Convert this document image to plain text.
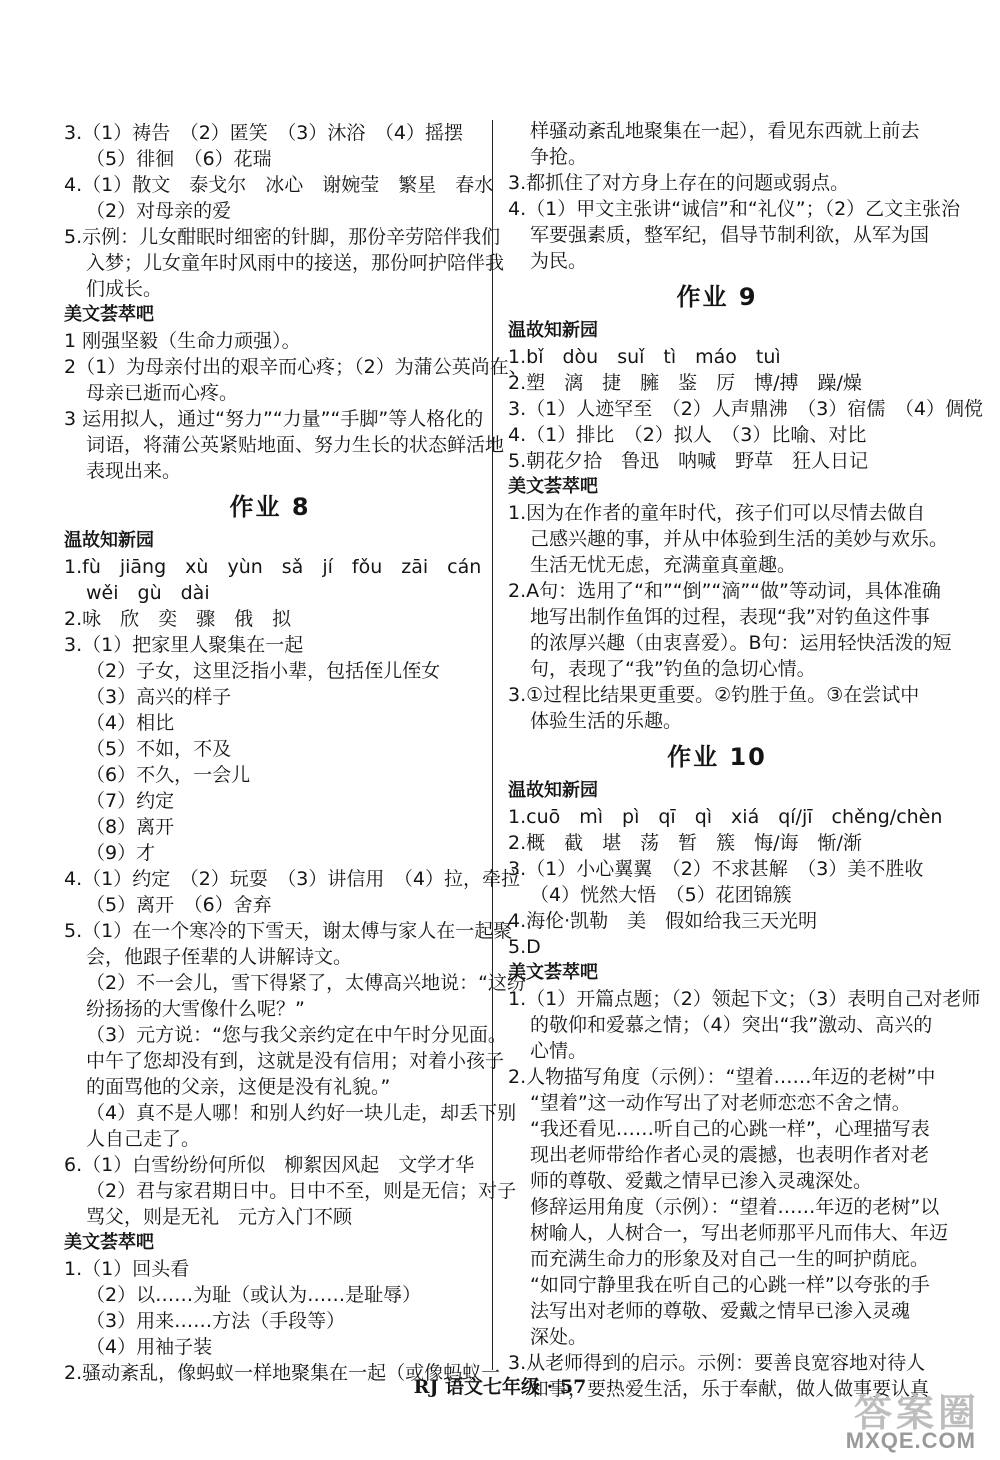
3.（1）祷告　（2）匿笑　（3）沐浴　（4）摇摆
（5）徘徊　（6）花瑞
4.（1）散文　泰戈尔　冰心　谢婉莹　繁星　春水
（2）对母亲的爱
5.示例：儿女酣眠时细密的针脚，那份辛劳陪伴我们
入梦；儿女童年时风雨中的接送，那份呵护陪伴我
们成长。
美文荟萃吧
1 刚强坚毅（生命力顽强）。
2（1）为母亲付出的艰辛而心疼；（2）为蒲公英尚在、
母亲已逝而心疼。
3 运用拟人，通过“努力”“力量”“手脚”等人格化的
词语，将蒲公英紧贴地面、努力生长的状态鲜活地
表现出来。
作业 8
温故知新园
1.fù　jiāng　xù　yùn　sǎ　jí　fǒu　zāi　cán
wěi　gù　dài
2.咏　欣　奕　骤　俄　拟
3.（1）把家里人聚集在一起
（2）子女，这里泛指小辈，包括侄儿侄女
（3）高兴的样子
（4）相比
（5）不如，不及
（6）不久，一会儿
（7）约定
（8）离开
（9）才
4.（1）约定　（2）玩耍　（3）讲信用　（4）拉，牵拉
（5）离开　（6）舍弃
5.（1）在一个寒冷的下雪天，谢太傅与家人在一起聚
会，他跟子侄辈的人讲解诗文。
（2）不一会儿，雪下得紧了，太傅高兴地说：“这纷
纷扬扬的大雪像什么呢？”
（3）元方说：“您与我父亲约定在中午时分见面。
中午了您却没有到，这就是没有信用；对着小孩子
的面骂他的父亲，这便是没有礼貌。”
（4）真不是人哪！和别人约好一块儿走，却丢下别
人自己走了。
6.（1）白雪纷纷何所似　柳絮因风起　文学才华
（2）君与家君期日中。日中不至，则是无信；对子
骂父，则是无礼　元方入门不顾
美文荟萃吧
1.（1）回头看
（2）以……为耻（或认为……是耻辱）
（3）用来……方法（手段等）
（4）用袖子装
2.骚动紊乱，像蚂蚁一样地聚集在一起（或像蚂蚁一
样骚动紊乱地聚集在一起），看见东西就上前去
争抢。
3.都抓住了对方身上存在的问题或弱点。
4.（1）甲文主张讲“诚信”和“礼仪”；（2）乙文主张治
军要强素质，整军纪，倡导节制利欲，从军为国
为民。
作业 9
温故知新园
1.bǐ　dòu　suǐ　tì　máo　tuì
2.塑　漓　捷　臃　鉴　厉　博/搏　躁/燥
3.（1）人迹罕至　（2）人声鼎沸　（3）宿儒　（4）倜傥
4.（1）排比　（2）拟人　（3）比喻、对比
5.朝花夕拾　鲁迅　呐喊　野草　狂人日记
美文荟萃吧
1.因为在作者的童年时代，孩子们可以尽情去做自
己感兴趣的事，并从中体验到生活的美妙与欢乐。
生活无忧无虑，充满童真童趣。
2.A句：选用了“和”“倒”“滴”“做”等动词，具体准确
地写出制作鱼饵的过程，表现“我”对钓鱼这件事
的浓厚兴趣（由衷喜爱）。B句：运用轻快活泼的短
句，表现了“我”钓鱼的急切心情。
3.①过程比结果更重要。②钓胜于鱼。③在尝试中
体验生活的乐趣。
作业 10
温故知新园
1.cuō　mì　pì　qī　qì　xiá　qí/jī　chěng/chèn
2.概　截　堪　荡　暂　簇　悔/诲　惭/渐
3.（1）小心翼翼　（2）不求甚解　（3）美不胜收
（4）恍然大悟　（5）花团锦簇
4.海伦·凯勒　美　假如给我三天光明
5.D
美文荟萃吧
1.（1）开篇点题；（2）领起下文；（3）表明自己对老师
的敬仰和爱慕之情；（4）突出“我”激动、高兴的
心情。
2.人物描写角度（示例）：“望着……年迈的老树”中
“望着”这一动作写出了对老师恋恋不舍之情。
“我还看见……听自己的心跳一样”，心理描写表
现出老师带给作者心灵的震撼，也表明作者对老
师的尊敬、爱戴之情早已渗入灵魂深处。
修辞运用角度（示例）：“望着……年迈的老树”以
树喻人，人树合一，写出老师那平凡而伟大、年迈
而充满生命力的形象及对自己一生的呵护荫庇。
“如同宁静里我在听自己的心跳一样”以夸张的手
法写出对老师的尊敬、爱戴之情早已渗入灵魂
深处。
3.从老师得到的启示。示例：要善良宽容地对待人
和事，要热爱生活，乐于奉献，做人做事要认真
RJ 语文七年级 · 57
答案圈
MXQE.COM
